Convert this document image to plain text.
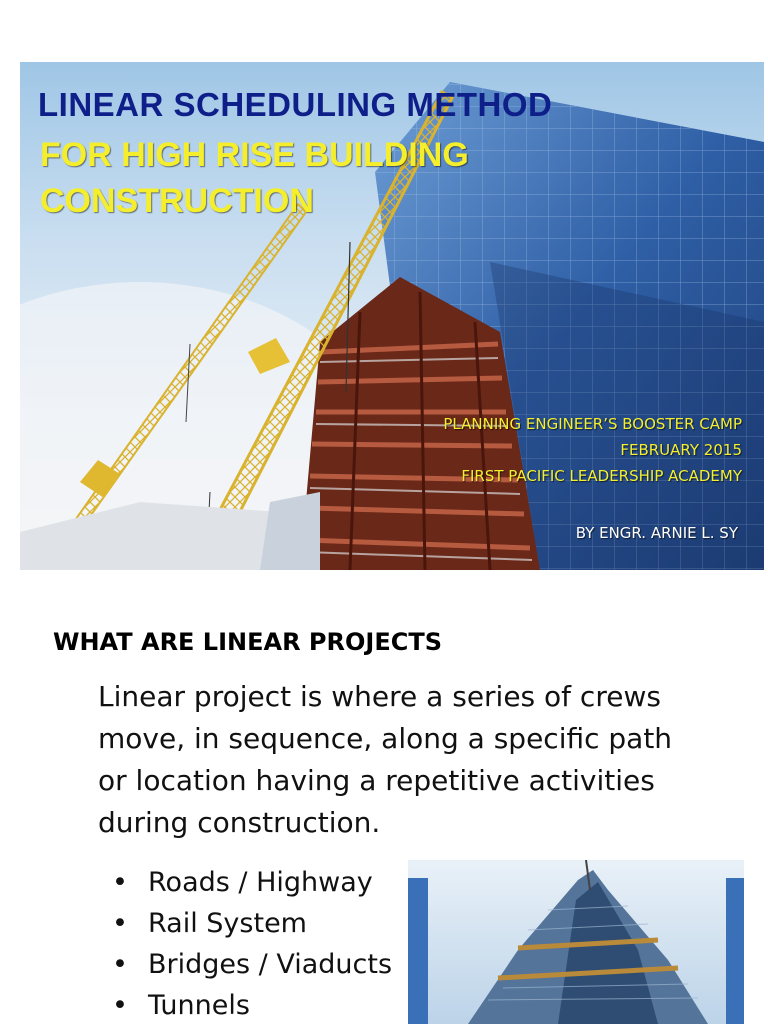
LINEAR SCHEDULING METHOD
FOR HIGH RISE BUILDING
CONSTRUCTION
PLANNING ENGINEER’S BOOSTER CAMP
FEBRUARY 2015
FIRST PACIFIC LEADERSHIP ACADEMY
BY ENGR. ARNIE L. SY
WHAT ARE LINEAR PROJECTS
Linear project is where a series of crews
move, in sequence, along a specific path
or location having a repetitive activities
during construction.
• Roads / Highway
• Rail System
• Bridges / Viaducts
• Tunnels
